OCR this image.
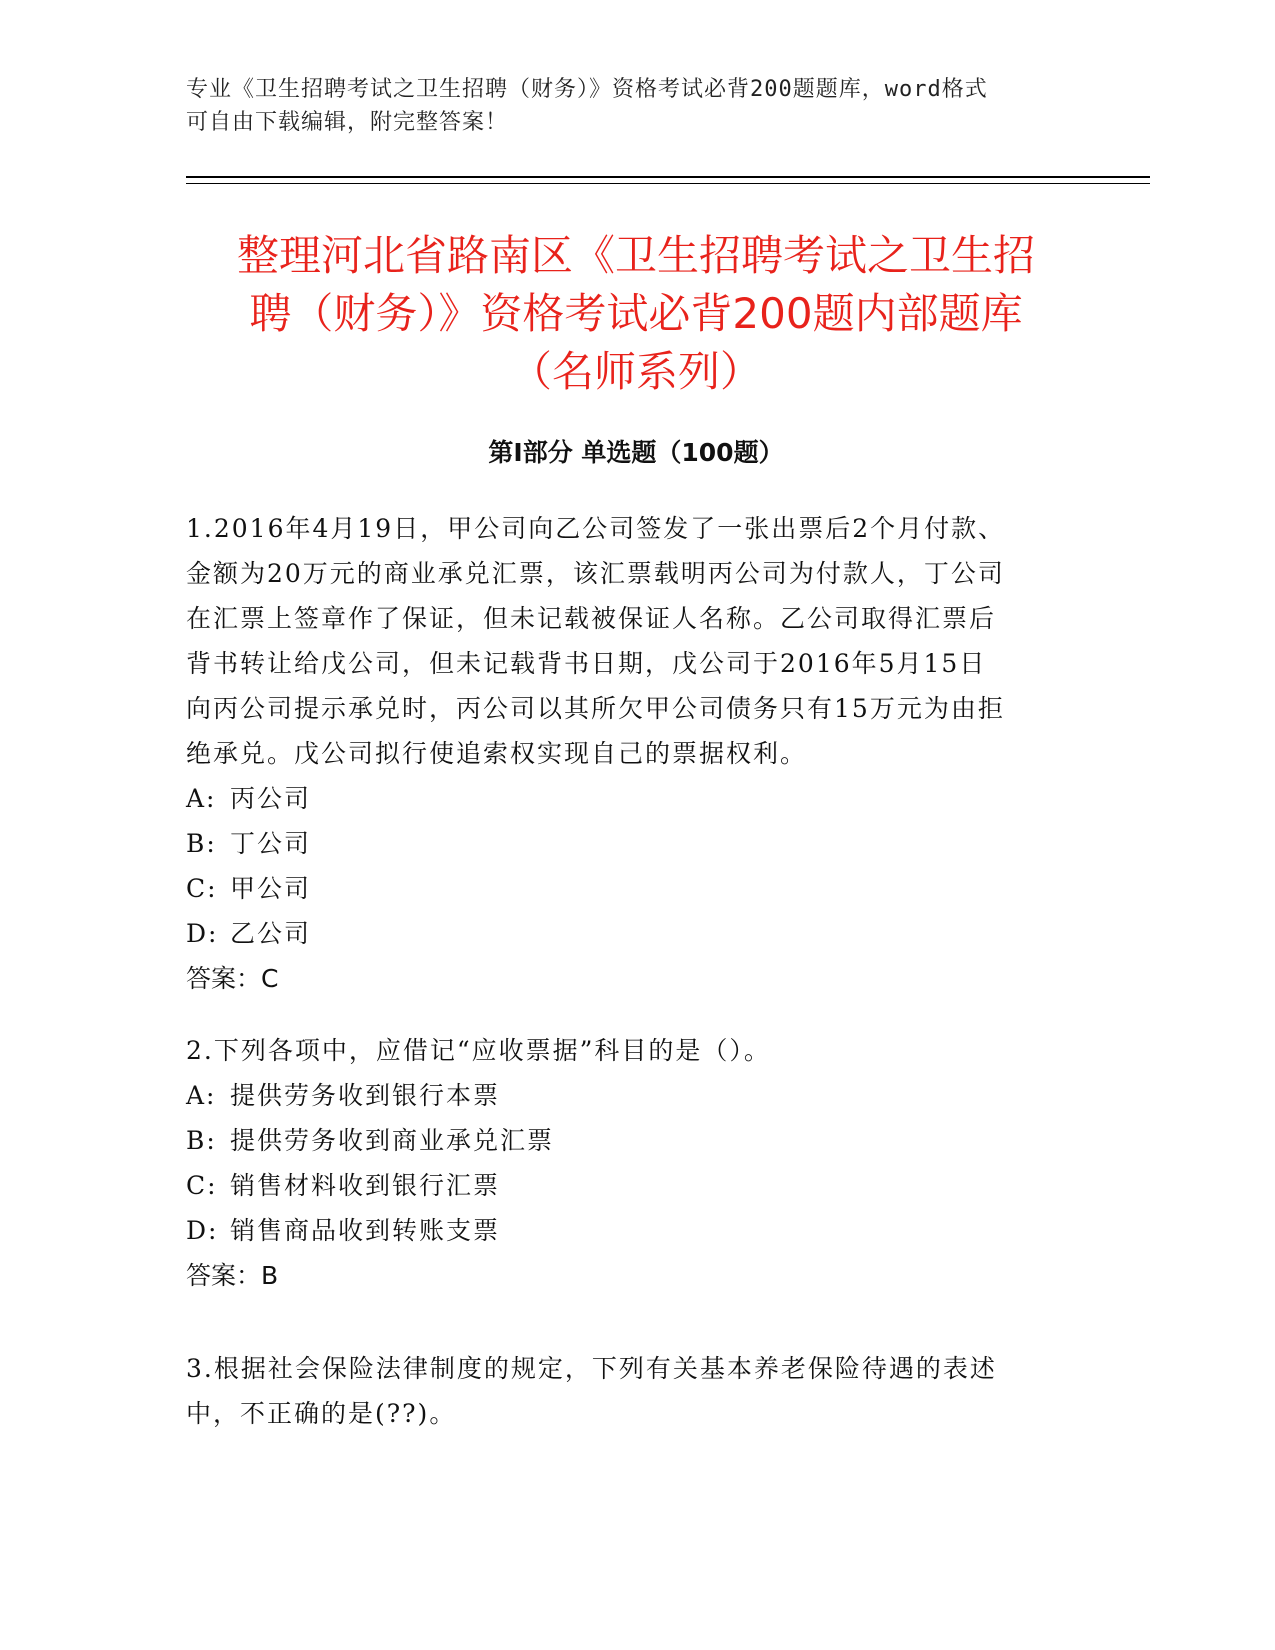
专业《卫生招聘考试之卫生招聘（财务）》资格考试必背200题题库，word格式
可自由下载编辑，附完整答案！
整理河北省路南区《卫生招聘考试之卫生招
聘（财务）》资格考试必背200题内部题库
（名师系列）
第Ⅰ部分 单选题（100题）
1.2016年4月19日，甲公司向乙公司签发了一张出票后2个月付款、
金额为20万元的商业承兑汇票，该汇票载明丙公司为付款人，丁公司
在汇票上签章作了保证，但未记载被保证人名称。乙公司取得汇票后
背书转让给戊公司，但未记载背书日期，戊公司于2016年5月15日
向丙公司提示承兑时，丙公司以其所欠甲公司债务只有15万元为由拒
绝承兑。戊公司拟行使追索权实现自己的票据权利。
A: 丙公司
B: 丁公司
C: 甲公司
D: 乙公司
答案：C
2.下列各项中，应借记“应收票据”科目的是（）。
A: 提供劳务收到银行本票
B: 提供劳务收到商业承兑汇票
C: 销售材料收到银行汇票
D: 销售商品收到转账支票
答案：B
3.根据社会保险法律制度的规定，下列有关基本养老保险待遇的表述
中，不正确的是(??)。
